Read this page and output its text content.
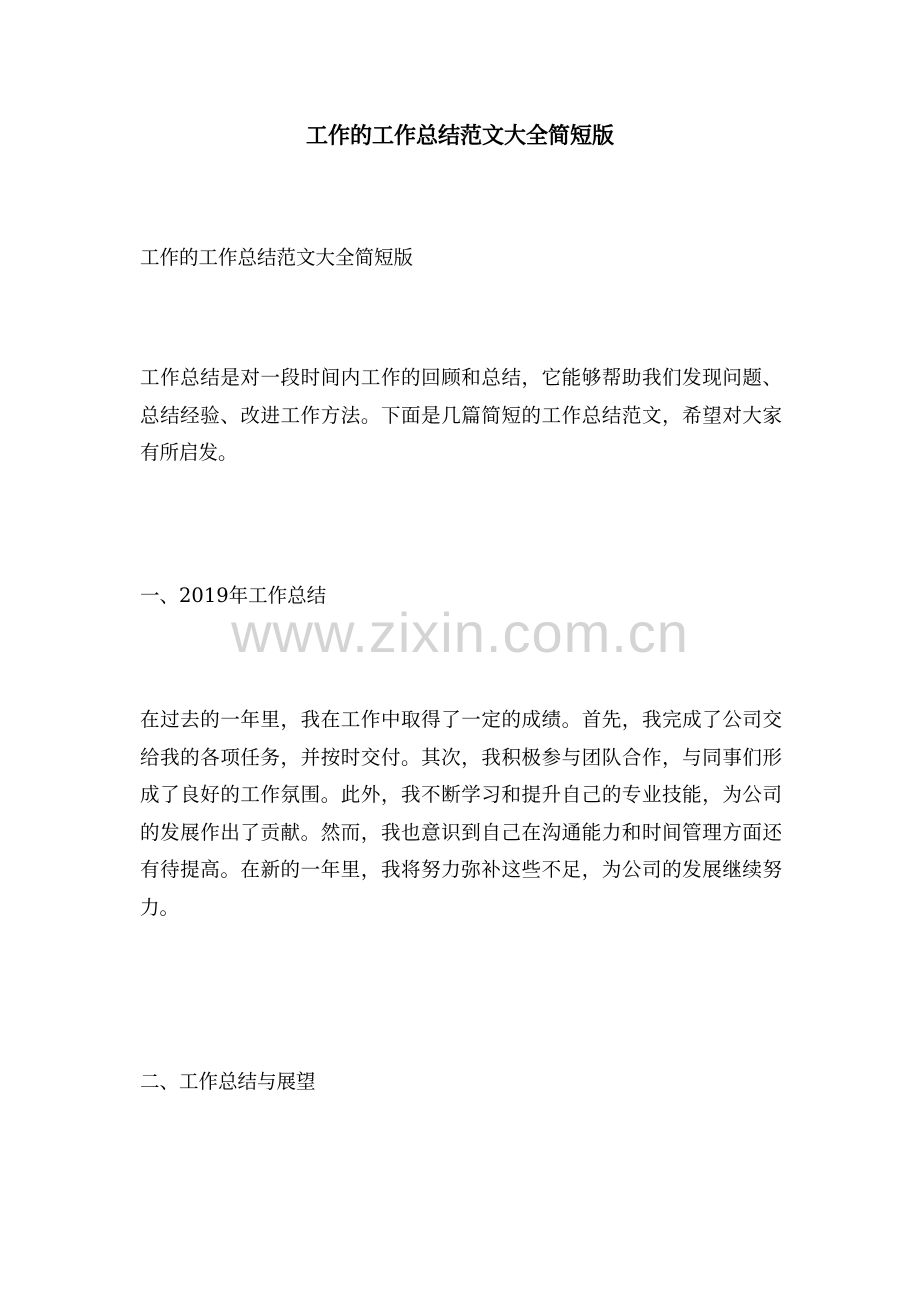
工作的工作总结范文大全简短版

工作的工作总结范文大全简短版

工作总结是对一段时间内工作的回顾和总结，它能够帮助我们发现问题、总结经验、改进工作方法。下面是几篇简短的工作总结范文，希望对大家有所启发。

一、2019年工作总结

www.zixin.com.cn

在过去的一年里，我在工作中取得了一定的成绩。首先，我完成了公司交给我的各项任务，并按时交付。其次，我积极参与团队合作，与同事们形成了良好的工作氛围。此外，我不断学习和提升自己的专业技能，为公司的发展作出了贡献。然而，我也意识到自己在沟通能力和时间管理方面还有待提高。在新的一年里，我将努力弥补这些不足，为公司的发展继续努力。

二、工作总结与展望
